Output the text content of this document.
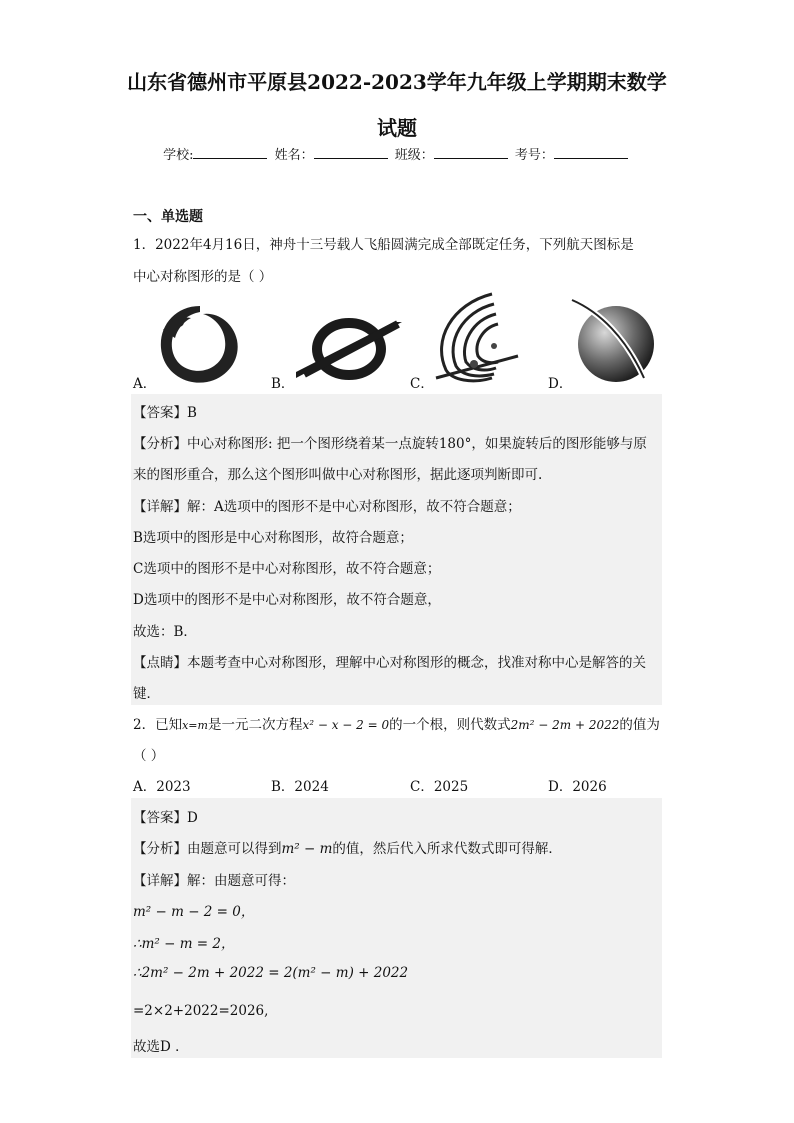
山东省德州市平原县2022-2023学年九年级上学期期末数学
试题
学校:	姓名：	班级：	考号：
一、单选题
1．2022年4月16日，神舟十三号载人飞船圆满完成全部既定任务，下列航天图标是
中心对称图形的是（ ）
A．	B．	C．	D．
【答案】B
【分析】中心对称图形: 把一个图形绕着某一点旋转180°，如果旋转后的图形能够与原
来的图形重合，那么这个图形叫做中心对称图形，据此逐项判断即可.
【详解】解：A选项中的图形不是中心对称图形，故不符合题意；
B选项中的图形是中心对称图形，故符合题意；
C选项中的图形不是中心对称图形，故不符合题意；
D选项中的图形不是中心对称图形，故不符合题意，
故选：B．
【点睛】本题考查中心对称图形，理解中心对称图形的概念，找准对称中心是解答的关
键．
2．已知x=m是一元二次方程x² − x − 2 = 0的一个根，则代数式2m² − 2m + 2022的值为
（ ）
A．2023	B．2024	C．2025	D．2026
【答案】D
【分析】由题意可以得到m² − m的值，然后代入所求代数式即可得解．
【详解】解：由题意可得：
m² − m − 2 = 0，
∴m² − m = 2，
∴2m² − 2m + 2022 = 2(m² − m) + 2022
=2×2+2022=2026,
故选D ．
